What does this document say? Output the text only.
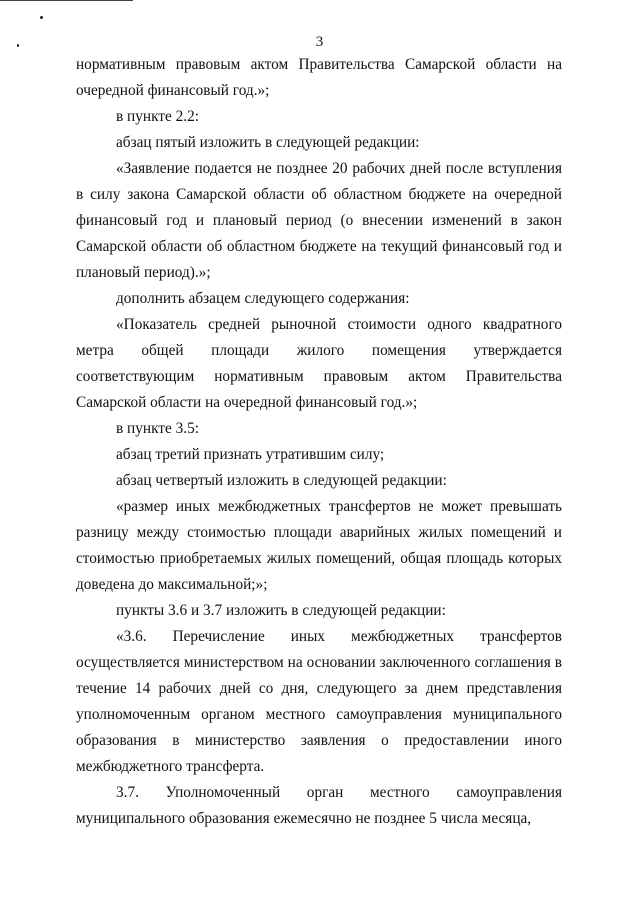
3

нормативным правовым актом Правительства Самарской области на очередной финансовый год.»;

в пункте 2.2:

абзац пятый изложить в следующей редакции:

«Заявление подается не позднее 20 рабочих дней после вступления в силу закона Самарской области об областном бюджете на очередной финансовый год и плановый период (о внесении изменений в закон Самарской области об областном бюджете на текущий финансовый год и плановый период).»;

дополнить абзацем следующего содержания:

«Показатель средней рыночной стоимости одного квадратного метра общей площади жилого помещения утверждается соответствующим нормативным правовым актом Правительства Самарской области на очередной финансовый год.»;

в пункте 3.5:

абзац третий признать утратившим силу;

абзац четвертый изложить в следующей редакции:

«размер иных межбюджетных трансфертов не может превышать разницу между стоимостью площади аварийных жилых помещений и стоимостью приобретаемых жилых помещений, общая площадь которых доведена до максимальной;»;

пункты 3.6 и 3.7 изложить в следующей редакции:

«3.6. Перечисление иных межбюджетных трансфертов осуществляется министерством на основании заключенного соглашения в течение 14 рабочих дней со дня, следующего за днем представления уполномоченным органом местного самоуправления муниципального образования в министерство заявления о предоставлении иного межбюджетного трансферта.

3.7. Уполномоченный орган местного самоуправления муниципального образования ежемесячно не позднее 5 числа месяца,
